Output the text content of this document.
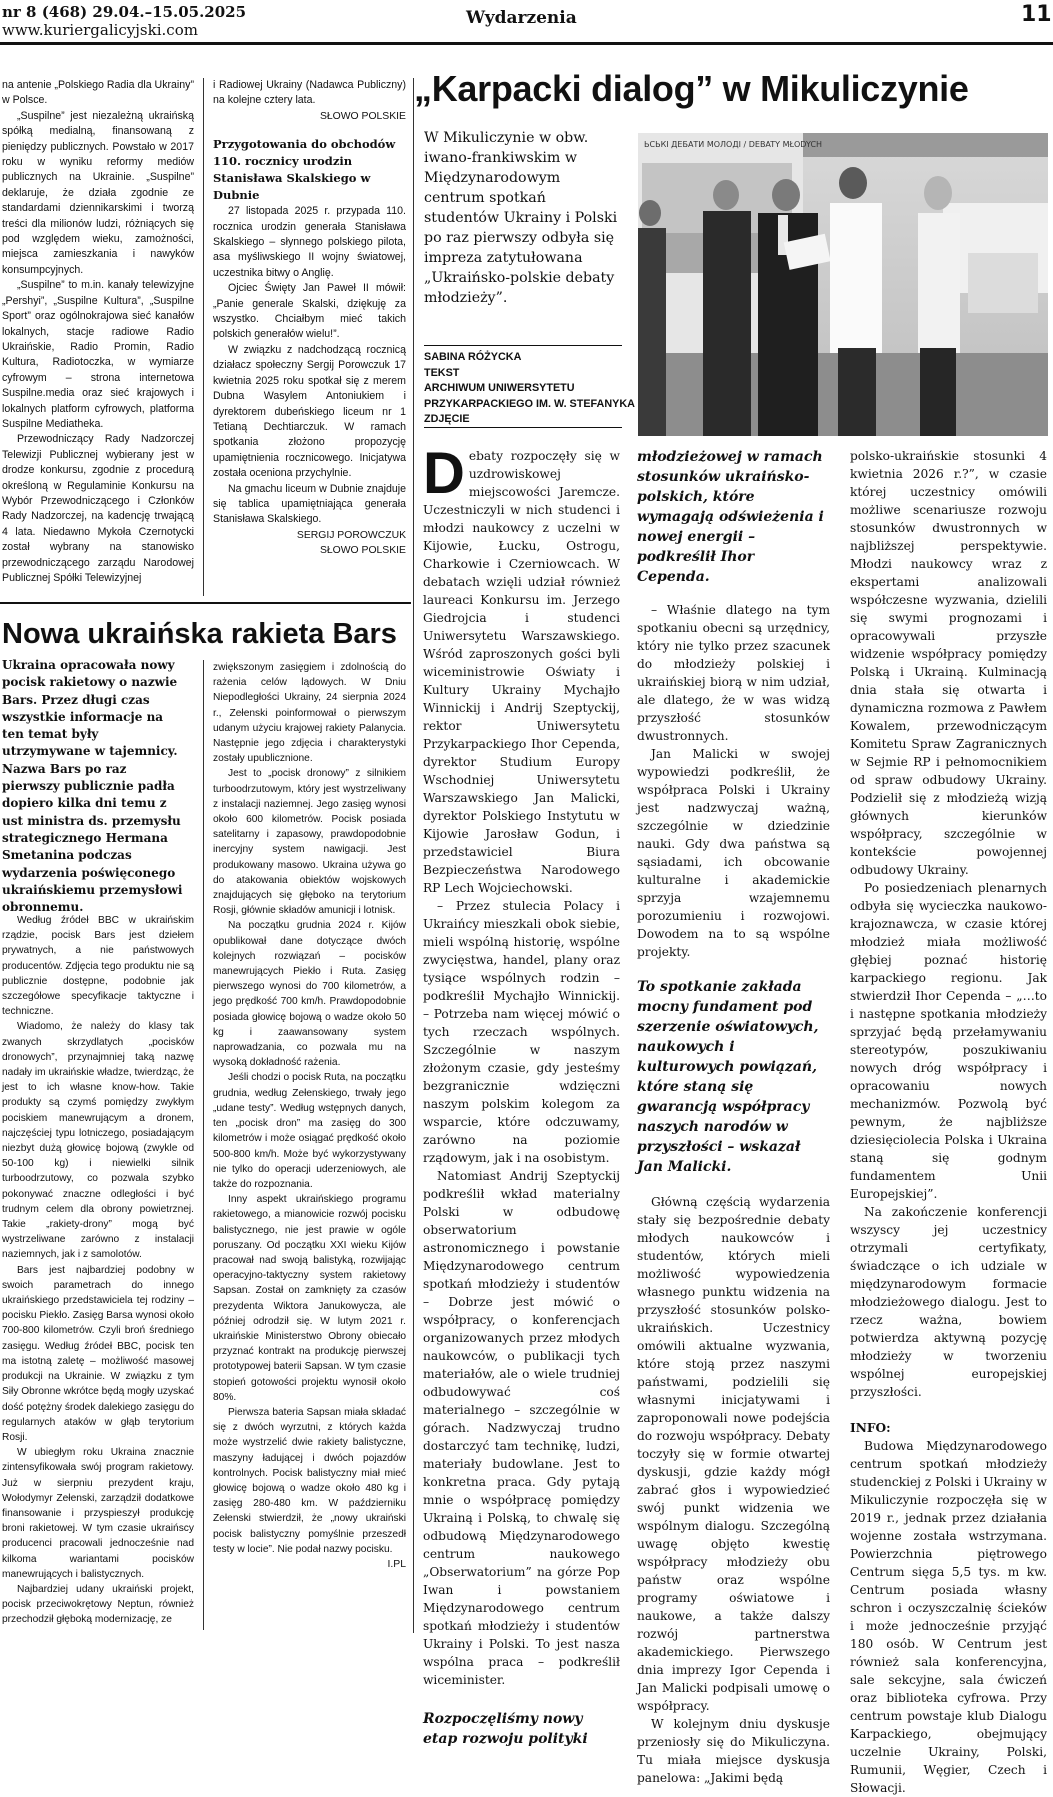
nr 8 (468) 29.04.–15.05.2025
www.kuriergalicyjski.com
Wydarzenia	11

na antenie „Polskiego Radia dla Ukrainy” w Polsce.

„Suspilne” jest niezależną ukraińską spółką medialną, finansowaną z pieniędzy publicznych. Powstało w 2017 roku w wyniku reformy mediów publicznych na Ukrainie. „Suspilne” deklaruje, że działa zgodnie ze standardami dziennikarskimi i tworzą treści dla milionów ludzi, różniących się pod względem wieku, zamożności, miejsca zamieszkania i nawyków konsumpcyjnych.

„Suspilne” to m.in. kanały telewizyjne „Pershyi”, „Suspilne Kultura”, „Suspilne Sport” oraz ogólnokrajowa sieć kanałów lokalnych, stacje radiowe Radio Ukraińskie, Radio Promin, Radio Kultura, Radiotoczka, w wymiarze cyfrowym – strona internetowa Suspilne.media oraz sieć krajowych i lokalnych platform cyfrowych, platforma Suspilne Mediatheka.

Przewodniczący Rady Nadzorczej Telewizji Publicznej wybierany jest w drodze konkursu, zgodnie z procedurą określoną w Regulaminie Konkursu na Wybór Przewodniczącego i Członków Rady Nadzorczej, na kadencję trwającą 4 lata. Niedawno Mykoła Czernotycki został wybrany na stanowisko przewodniczącego zarządu Narodowej Publicznej Spółki Telewizyjnej

i Radiowej Ukrainy (Nadawca Publiczny) na kolejne cztery lata.

SŁOWO POLSKIE

Przygotowania do obchodów 110. rocznicy urodzin Stanisława Skalskiego w Dubnie

27 listopada 2025 r. przypada 110. rocznica urodzin generała Stanisława Skalskiego – słynnego polskiego pilota, asa myśliwskiego II wojny światowej, uczestnika bitwy o Anglię.

Ojciec Święty Jan Paweł II mówił: „Panie generale Skalski, dziękuję za wszystko. Chciałbym mieć takich polskich generałów wielu!”.

W związku z nadchodzącą rocznicą działacz społeczny Sergij Porowczuk 17 kwietnia 2025 roku spotkał się z merem Dubna Wasylem Antoniukiem i dyrektorem dubeńskiego liceum nr 1 Tetianą Dechtiarczuk. W ramach spotkania złożono propozycję upamiętnienia rocznicowego. Inicjatywa została oceniona przychylnie.

Na gmachu liceum w Dubnie znajduje się tablica upamiętniająca generała Stanisława Skalskiego.

SERGIJ POROWCZUK

SŁOWO POLSKIE

„Karpacki dialog” w Mikuliczynie
W Mikuliczynie w obw. iwano-frankiwskim w Międzynarodowym centrum spotkań studentów Ukrainy i Polski po raz pierwszy odbyła się impreza zatytułowana „Ukraińsko-polskie debaty młodzieży”.
SABINA RÓŻYCKA
TEKST
ARCHIWUM UNIWERSYTETU
PRZYKARPACKIEGO IM. W. STEFANYKA
ZDJĘCIE
ЬСЬКІ ДЕБАТИ МОЛОДІ / DEBATY MŁODYCH

Debaty rozpoczęły się w uzdrowiskowej miejscowości Jaremcze. Uczestniczyli w nich studenci i młodzi naukowcy z uczelni w Kijowie, Łucku, Ostrogu, Charkowie i Czerniowcach. W debatach wzięli udział również laureaci Konkursu im. Jerzego Giedrojcia i studenci Uniwersytetu Warszawskiego. Wśród zaproszonych gości byli wiceministrowie Oświaty i Kultury Ukrainy Mychajło Winnickij i Andrij Szeptyckij, rektor Uniwersytetu Przykarpackiego Ihor Cependa, dyrektor Studium Europy Wschodniej Uniwersytetu Warszawskiego Jan Malicki, dyrektor Polskiego Instytutu w Kijowie Jarosław Godun, i przedstawiciel Biura Bezpieczeństwa Narodowego RP Lech Wojciechowski.

– Przez stulecia Polacy i Ukraińcy mieszkali obok siebie, mieli wspólną historię, wspólne zwycięstwa, handel, plany oraz tysiące wspólnych rodzin – podkreślił Mychajło Winnickij. – Potrzeba nam więcej mówić o tych rzeczach wspólnych. Szczególnie w naszym złożonym czasie, gdy jesteśmy bezgranicznie wdzięczni naszym polskim kolegom za wsparcie, które odczuwamy, zarówno na poziomie rządowym, jak i na osobistym.

Natomiast Andrij Szeptyckij podkreślił wkład materialny Polski w odbudowę obserwatorium astronomicznego i powstanie Międzynarodowego centrum spotkań młodzieży i studentów – Dobrze jest mówić o współpracy, o konferencjach organizowanych przez młodych naukowców, o publikacji tych materiałów, ale o wiele trudniej odbudowywać coś materialnego – szczególnie w górach. Nadzwyczaj trudno dostarczyć tam technikę, ludzi, materiały budowlane. Jest to konkretna praca. Gdy pytają mnie o współpracę pomiędzy Ukrainą i Polską, to chwalę się odbudową Międzynarodowego centrum naukowego „Obserwatorium” na górze Pop Iwan i powstaniem Międzynarodowego centrum spotkań młodzieży i studentów Ukrainy i Polski. To jest nasza wspólna praca – podkreślił wiceminister.

Rozpoczęliśmy nowy etap rozwoju polityki

młodzieżowej w ramach stosunków ukraińsko-polskich, które wymagają odświeżenia i nowej energii – podkreślił Ihor Cependa.

– Właśnie dlatego na tym spotkaniu obecni są urzędnicy, który nie tylko przez szacunek do młodzieży polskiej i ukraińskiej biorą w nim udział, ale dlatego, że w was widzą przyszłość stosunków dwustronnych.

Jan Malicki w swojej wypowiedzi podkreślił, że współpraca Polski i Ukrainy jest nadzwyczaj ważną, szczególnie w dziedzinie nauki. Gdy dwa państwa są sąsiadami, ich obcowanie kulturalne i akademickie sprzyja wzajemnemu porozumieniu i rozwojowi. Dowodem na to są wspólne projekty.

To spotkanie zakłada mocny fundament pod szerzenie oświatowych, naukowych i kulturowych powiązań, które staną się gwarancją współpracy naszych narodów w przyszłości – wskazał Jan Malicki.

Główną częścią wydarzenia stały się bezpośrednie debaty młodych naukowców i studentów, których mieli możliwość wypowiedzenia własnego punktu widzenia na przyszłość stosunków polsko-ukraińskich. Uczestnicy omówili aktualne wyzwania, które stoją przez naszymi państwami, podzielili się własnymi inicjatywami i zaproponowali nowe podejścia do rozwoju współpracy. Debaty toczyły się w formie otwartej dyskusji, gdzie każdy mógł zabrać głos i wypowiedzieć swój punkt widzenia we wspólnym dialogu. Szczególną uwagę objęto kwestię współpracy młodzieży obu państw oraz wspólne programy oświatowe i naukowe, a także dalszy rozwój partnerstwa akademickiego. Pierwszego dnia imprezy Igor Cependa i Jan Malicki podpisali umowę o współpracy.

W kolejnym dniu dyskusje przeniosły się do Mikuliczyna. Tu miała miejsce dyskusja panelowa: „Jakimi będą

polsko-ukraińskie stosunki 4 kwietnia 2026 r.?”, w czasie której uczestnicy omówili możliwe scenariusze rozwoju stosunków dwustronnych w najbliższej perspektywie. Młodzi naukowcy wraz z ekspertami analizowali współczesne wyzwania, dzielili się swymi prognozami i opracowywali przyszłe widzenie współpracy pomiędzy Polską i Ukrainą. Kulminacją dnia stała się otwarta i dynamiczna rozmowa z Pawłem Kowalem, przewodniczącym Komitetu Spraw Zagranicznych w Sejmie RP i pełnomocnikiem od spraw odbudowy Ukrainy. Podzielił się z młodzieżą wizją głównych kierunków współpracy, szczególnie w kontekście powojennej odbudowy Ukrainy.

Po posiedzeniach plenarnych odbyła się wycieczka naukowo-krajoznawcza, w czasie której młodzież miała możliwość głębiej poznać historię karpackiego regionu. Jak stwierdził Ihor Cependa – „…to i następne spotkania młodzieży sprzyjać będą przełamywaniu stereotypów, poszukiwaniu nowych dróg współpracy i opracowaniu nowych mechanizmów. Pozwolą być pewnym, że najbliższe dziesięciolecia Polska i Ukraina staną się godnym fundamentem Unii Europejskiej”.

Na zakończenie konferencji wszyscy jej uczestnicy otrzymali certyfikaty, świadczące o ich udziale w międzynarodowym formacie młodzieżowego dialogu. Jest to rzecz ważna, bowiem potwierdza aktywną pozycję młodzieży w tworzeniu wspólnej europejskiej przyszłości.

INFO:

Budowa Międzynarodowego centrum spotkań młodzieży studenckiej z Polski i Ukrainy w Mikuliczynie rozpoczęła się w 2019 r., jednak przez działania wojenne została wstrzymana. Powierzchnia piętrowego Centrum sięga 5,5 tys. m kw. Centrum posiada własny schron i oczyszczalnię ścieków i może jednocześnie przyjąć 180 osób. W Centrum jest również sala konferencyjna, sale sekcyjne, sala ćwiczeń oraz biblioteka cyfrowa. Przy centrum powstaje klub Dialogu Karpackiego, obejmujący uczelnie Ukrainy, Polski, Rumunii, Węgier, Czech i Słowacji.

Nowa ukraińska rakieta Bars
Ukraina opracowała nowy pocisk rakietowy o nazwie Bars. Przez długi czas wszystkie informacje na ten temat były utrzymywane w tajemnicy. Nazwa Bars po raz pierwszy publicznie padła dopiero kilka dni temu z ust ministra ds. przemysłu strategicznego Hermana Smetanina podczas wydarzenia poświęconego ukraińskiemu przemysłowi obronnemu.

Według źródeł BBC w ukraińskim rządzie, pocisk Bars jest dziełem prywatnych, a nie państwowych producentów. Zdjęcia tego produktu nie są publicznie dostępne, podobnie jak szczegółowe specyfikacje taktyczne i techniczne.

Wiadomo, że należy do klasy tak zwanych skrzydlatych „pocisków dronowych”, przynajmniej taką nazwę nadały im ukraińskie władze, twierdząc, że jest to ich własne know-how. Takie produkty są czymś pomiędzy zwykłym pociskiem manewrującym a dronem, najczęściej typu lotniczego, posiadającym niezbyt dużą głowicę bojową (zwykle od 50-100 kg) i niewielki silnik turboodrzutowy, co pozwala szybko pokonywać znaczne odległości i być trudnym celem dla obrony powietrznej. Takie „rakiety-drony” mogą być wystrzeliwane zarówno z instalacji naziemnych, jak i z samolotów.

Bars jest najbardziej podobny w swoich parametrach do innego ukraińskiego przedstawiciela tej rodziny – pocisku Piekło. Zasięg Barsa wynosi około 700-800 kilometrów. Czyli broń średniego zasięgu. Według źródeł BBC, pocisk ten ma istotną zaletę – możliwość masowej produkcji na Ukrainie. W związku z tym Siły Obronne wkrótce będą mogły uzyskać dość potężny środek dalekiego zasięgu do regularnych ataków w głąb terytorium Rosji.

W ubiegłym roku Ukraina znacznie zintensyfikowała swój program rakietowy. Już w sierpniu prezydent kraju, Wołodymyr Zełenski, zarządził dodatkowe finansowanie i przyspieszył produkcję broni rakietowej. W tym czasie ukraińscy producenci pracowali jednocześnie nad kilkoma wariantami pocisków manewrujących i balistycznych.

Najbardziej udany ukraiński projekt, pocisk przeciwokrętowy Neptun, również przechodził głęboką modernizację, ze

zwiększonym zasięgiem i zdolnością do rażenia celów lądowych. W Dniu Niepodległości Ukrainy, 24 sierpnia 2024 r., Zełenski poinformował o pierwszym udanym użyciu krajowej rakiety Palanycia. Następnie jego zdjęcia i charakterystyki zostały upublicznione.

Jest to „pocisk dronowy” z silnikiem turboodrzutowym, który jest wystrzeliwany z instalacji naziemnej. Jego zasięg wynosi około 600 kilometrów. Pocisk posiada satelitarny i zapasowy, prawdopodobnie inercyjny system nawigacji. Jest produkowany masowo. Ukraina używa go do atakowania obiektów wojskowych znajdujących się głęboko na terytorium Rosji, głównie składów amunicji i lotnisk.

Na początku grudnia 2024 r. Kijów opublikował dane dotyczące dwóch kolejnych rozwiązań – pocisków manewrujących Piekło i Ruta. Zasięg pierwszego wynosi do 700 kilometrów, a jego prędkość 700 km/h. Prawdopodobnie posiada głowicę bojową o wadze około 50 kg i zaawansowany system naprowadzania, co pozwala mu na wysoką dokładność rażenia.

Jeśli chodzi o pocisk Ruta, na początku grudnia, według Zełenskiego, trwały jego „udane testy”. Według wstępnych danych, ten „pocisk dron” ma zasięg do 300 kilometrów i może osiągać prędkość około 500-800 km/h. Może być wykorzystywany nie tylko do operacji uderzeniowych, ale także do rozpoznania.

Inny aspekt ukraińskiego programu rakietowego, a mianowicie rozwój pocisku balistycznego, nie jest prawie w ogóle poruszany. Od początku XXI wieku Kijów pracował nad swoją balistyką, rozwijając operacyjno-taktyczny system rakietowy Sapsan. Został on zamknięty za czasów prezydenta Wiktora Janukowycza, ale później odrodził się. W lutym 2021 r. ukraińskie Ministerstwo Obrony obiecało przyznać kontrakt na produkcję pierwszej prototypowej baterii Sapsan. W tym czasie stopień gotowości projektu wynosił około 80%.

Pierwsza bateria Sapsan miała składać się z dwóch wyrzutni, z których każda może wystrzelić dwie rakiety balistyczne, maszyny ładującej i dwóch pojazdów kontrolnych. Pocisk balistyczny miał mieć głowicę bojową o wadze około 480 kg i zasięg 280-480 km. W październiku Zełenski stwierdził, że „nowy ukraiński pocisk balistyczny pomyślnie przeszedł testy w locie”. Nie podał nazwy pocisku.

I.PL
